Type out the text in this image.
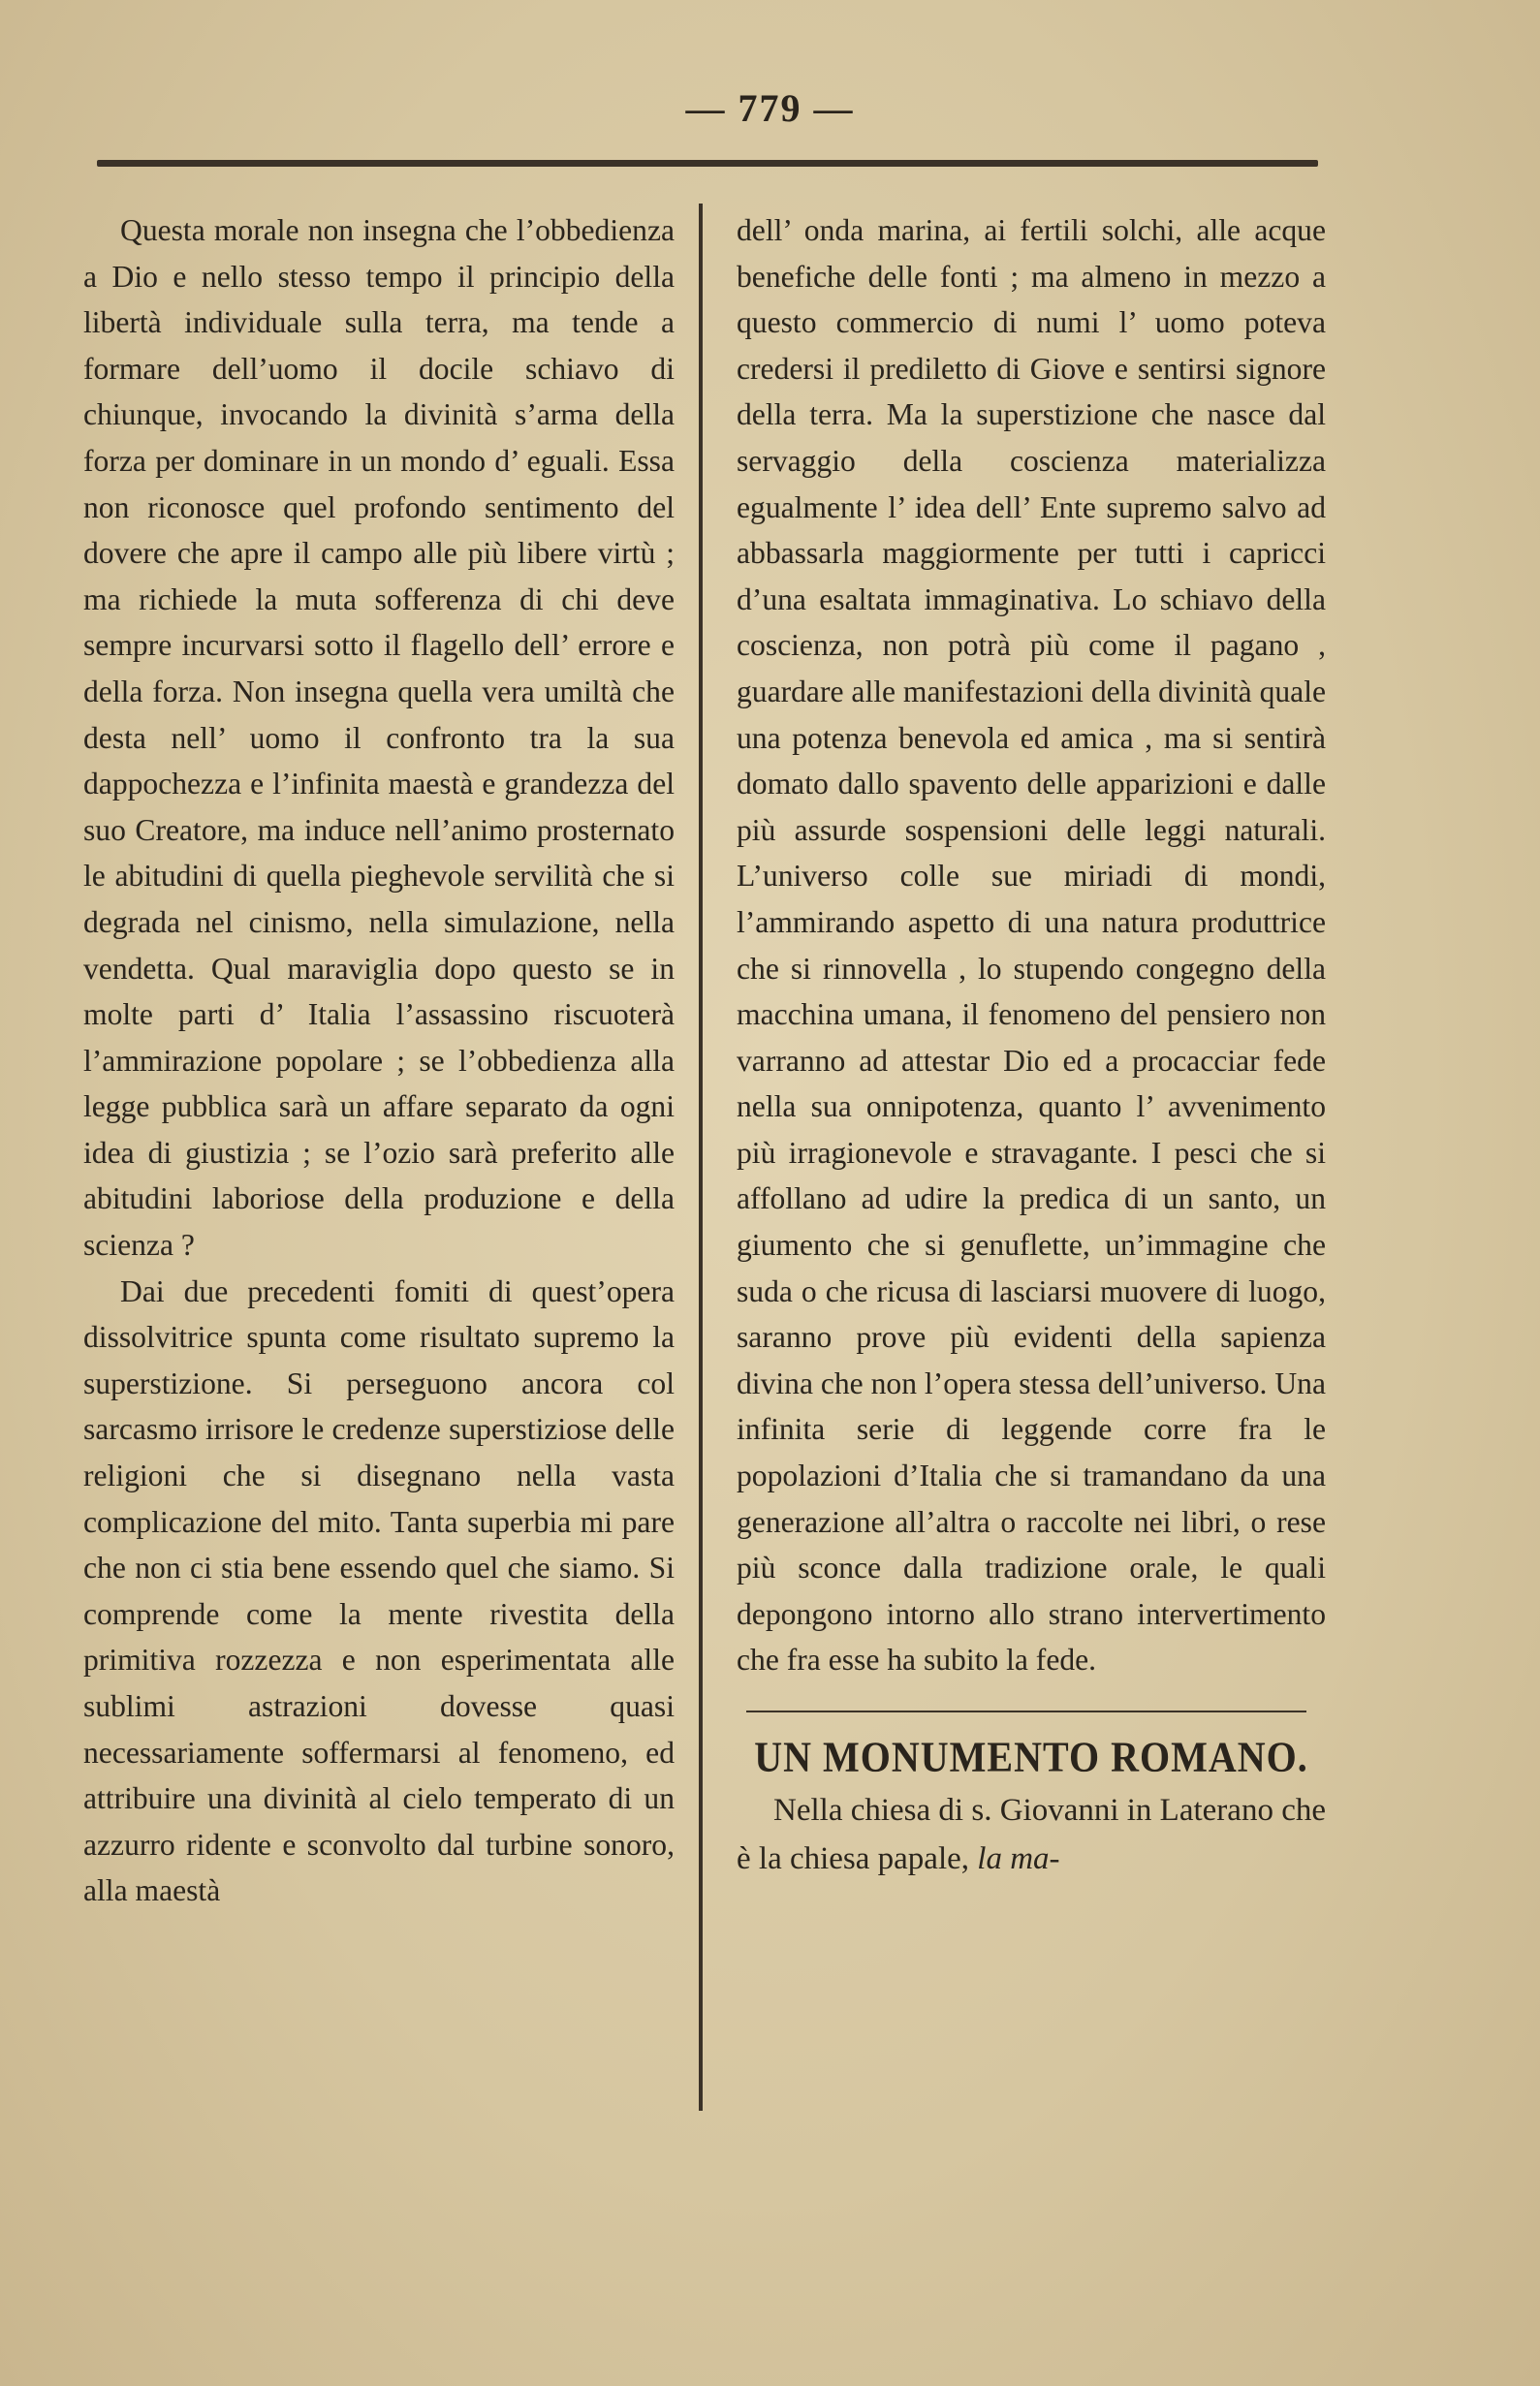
— 779 —

Questa morale non insegna che l’obbedienza a Dio e nello stesso tempo il principio della libertà individuale sulla terra, ma tende a formare dell’uomo il docile schiavo di chiunque, invocando la divinità s’arma della forza per dominare in un mondo d’ eguali. Essa non riconosce quel profondo sentimento del dovere che apre il campo alle più libere virtù ; ma richiede la muta sofferenza di chi deve sempre incurvarsi sotto il flagello dell’ errore e della forza. Non insegna quella vera umiltà che desta nell’ uomo il confronto tra la sua dappochezza e l’infinita maestà e grandezza del suo Creatore, ma induce nell’animo prosternato le abitudini di quella pieghevole servilità che si degrada nel cinismo, nella simulazione, nella vendetta. Qual maraviglia dopo questo se in molte parti d’ Italia l’assassino riscuoterà l’ammirazione popolare ; se l’obbedienza alla legge pubblica sarà un affare separato da ogni idea di giustizia ; se l’ozio sarà preferito alle abitudini laboriose della produzione e della scienza ?

Dai due precedenti fomiti di quest’opera dissolvitrice spunta come risultato supremo la superstizione. Si perseguono ancora col sarcasmo irrisore le credenze superstiziose delle religioni che si disegnano nella vasta complicazione del mito. Tanta superbia mi pare che non ci stia bene essendo quel che siamo. Si comprende come la mente rivestita della primitiva rozzezza e non esperimentata alle sublimi astrazioni dovesse quasi necessariamente soffermarsi al fenomeno, ed attribuire una divinità al cielo temperato di un azzurro ridente e sconvolto dal turbine sonoro, alla maestà

dell’ onda marina, ai fertili solchi, alle acque benefiche delle fonti ; ma almeno in mezzo a questo commercio di numi l’ uomo poteva credersi il prediletto di Giove e sentirsi signore della terra. Ma la superstizione che nasce dal servaggio della coscienza materializza egualmente l’ idea dell’ Ente supremo salvo ad abbassarla maggiormente per tutti i capricci d’una esaltata immaginativa. Lo schiavo della coscienza, non potrà più come il pagano , guardare alle manifestazioni della divinità quale una potenza benevola ed amica , ma si sentirà domato dallo spavento delle apparizioni e dalle più assurde sospensioni delle leggi naturali. L’universo colle sue miriadi di mondi, l’ammirando aspetto di una natura produttrice che si rinnovella , lo stupendo congegno della macchina umana, il fenomeno del pensiero non varranno ad attestar Dio ed a procacciar fede nella sua onnipotenza, quanto l’ avvenimento più irragionevole e stravagante. I pesci che si affollano ad udire la predica di un santo, un giumento che si genuflette, un’immagine che suda o che ricusa di lasciarsi muovere di luogo, saranno prove più evidenti della sapienza divina che non l’opera stessa dell’universo. Una infinita serie di leggende corre fra le popolazioni d’Italia che si tramandano da una generazione all’altra o raccolte nei libri, o rese più sconce dalla tradizione orale, le quali depongono intorno allo strano intervertimento che fra esse ha subito la fede.

UN MONUMENTO ROMANO.

Nella chiesa di s. Giovanni in Laterano che è la chiesa papale, la ma-
